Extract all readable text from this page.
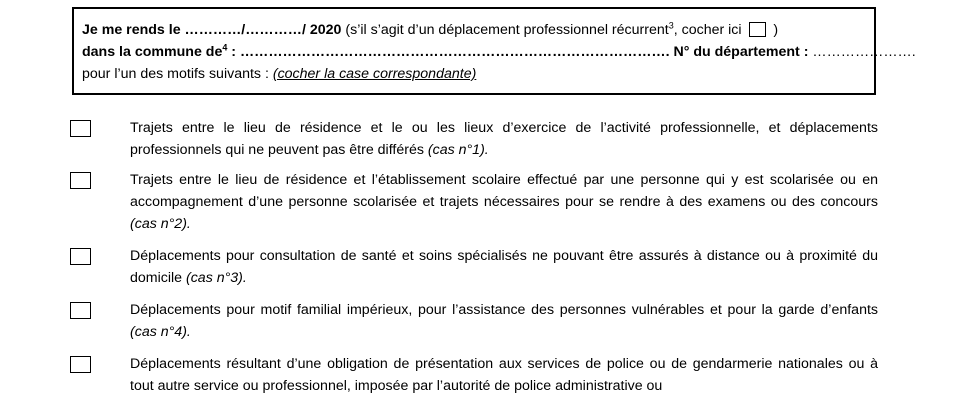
Je me rends le …………/…………/ 2020 (s’il s’agit d’un déplacement professionnel récurrent$^3$, cocher ici  )
dans la commune $de^4$ : ………………………………………………………………………………. N° du département : ………………….
pour l’un des motifs suivants : (cocher la case correspondante)
Trajets entre le lieu de résidence et le ou les lieux d’exercice de l’activité professionnelle, et déplacements professionnels qui ne peuvent pas être différés (cas n°1).
Trajets entre le lieu de résidence et l’établissement scolaire effectué par une personne qui y est scolarisée ou en accompagnement d’une personne scolarisée et trajets nécessaires pour se rendre à des examens ou des concours (cas n°2).
Déplacements pour consultation de santé et soins spécialisés ne pouvant être assurés à distance ou à proximité du domicile (cas n°3).
Déplacements pour motif familial impérieux, pour l’assistance des personnes vulnérables et pour la garde d’enfants (cas n°4).
Déplacements résultant d’une obligation de présentation aux services de police ou de gendarmerie nationales ou à tout autre service ou professionnel, imposée par l’autorité de police administrative ou
